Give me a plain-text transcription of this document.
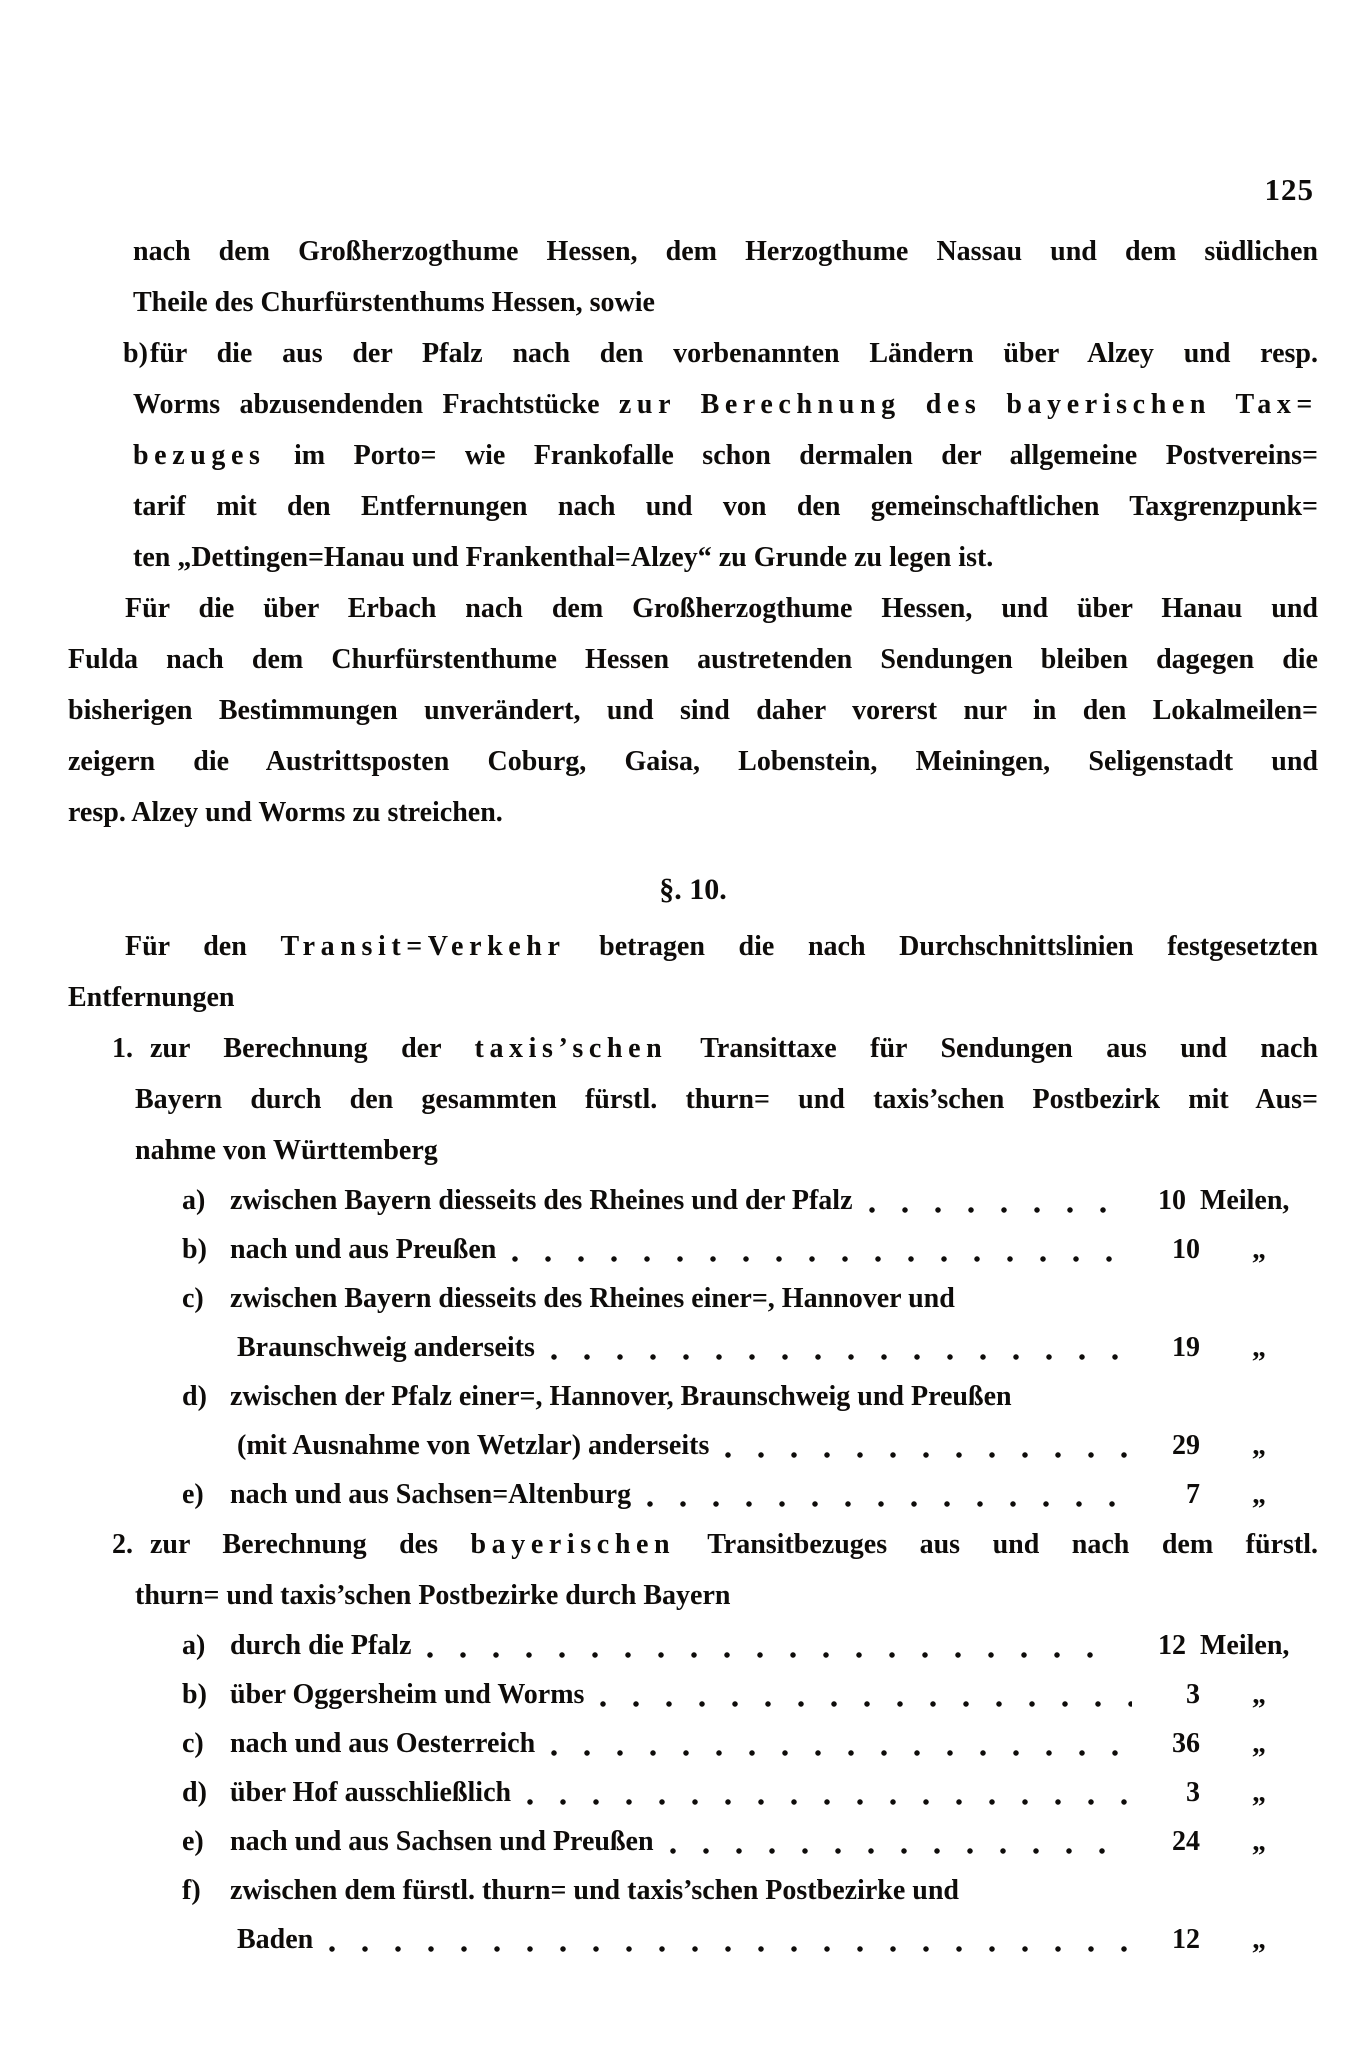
125
nach dem Großherzogthume Hessen, dem Herzogthume Nassau und dem südlichen
Theile des Churfürstenthums Hessen, sowie
b) für die aus der Pfalz nach den vorbenannten Ländern über Alzey und resp.
Worms abzusendenden Frachtstücke zur Berechnung des bayerischen Tax=
bezuges im Porto= wie Frankofalle schon dermalen der allgemeine Postvereins=
tarif mit den Entfernungen nach und von den gemeinschaftlichen Taxgrenzpunk=
ten „Dettingen=Hanau und Frankenthal=Alzey“ zu Grunde zu legen ist.
Für die über Erbach nach dem Großherzogthume Hessen, und über Hanau und
Fulda nach dem Churfürstenthume Hessen austretenden Sendungen bleiben dagegen die
bisherigen Bestimmungen unverändert, und sind daher vorerst nur in den Lokalmeilen=
zeigern die Austrittsposten Coburg, Gaisa, Lobenstein, Meiningen, Seligenstadt und
resp. Alzey und Worms zu streichen.
§. 10.
Für den Transit=Verkehr betragen die nach Durchschnittslinien festgesetzten
Entfernungen
1. zur Berechnung der taxis’schen Transittaxe für Sendungen aus und nach
Bayern durch den gesammten fürstl. thurn= und taxis’schen Postbezirk mit Aus=
nahme von Württemberg
a) zwischen Bayern diesseits des Rheines und der Pfalz	10 Meilen,
b) nach und aus Preußen	10	„
c) zwischen Bayern diesseits des Rheines einer=, Hannover und
Braunschweig anderseits	19	„
d) zwischen der Pfalz einer=, Hannover, Braunschweig und Preußen
(mit Ausnahme von Wetzlar) anderseits	29	„
e) nach und aus Sachsen=Altenburg	7	„
2. zur Berechnung des bayerischen Transitbezuges aus und nach dem fürstl.
thurn= und taxis’schen Postbezirke durch Bayern
a) durch die Pfalz	12 Meilen,
b) über Oggersheim und Worms	3	„
c) nach und aus Oesterreich	36	„
d) über Hof ausschließlich	3	„
e) nach und aus Sachsen und Preußen	24	„
f)	zwischen dem fürstl. thurn= und taxis’schen Postbezirke und
Baden	12	„
